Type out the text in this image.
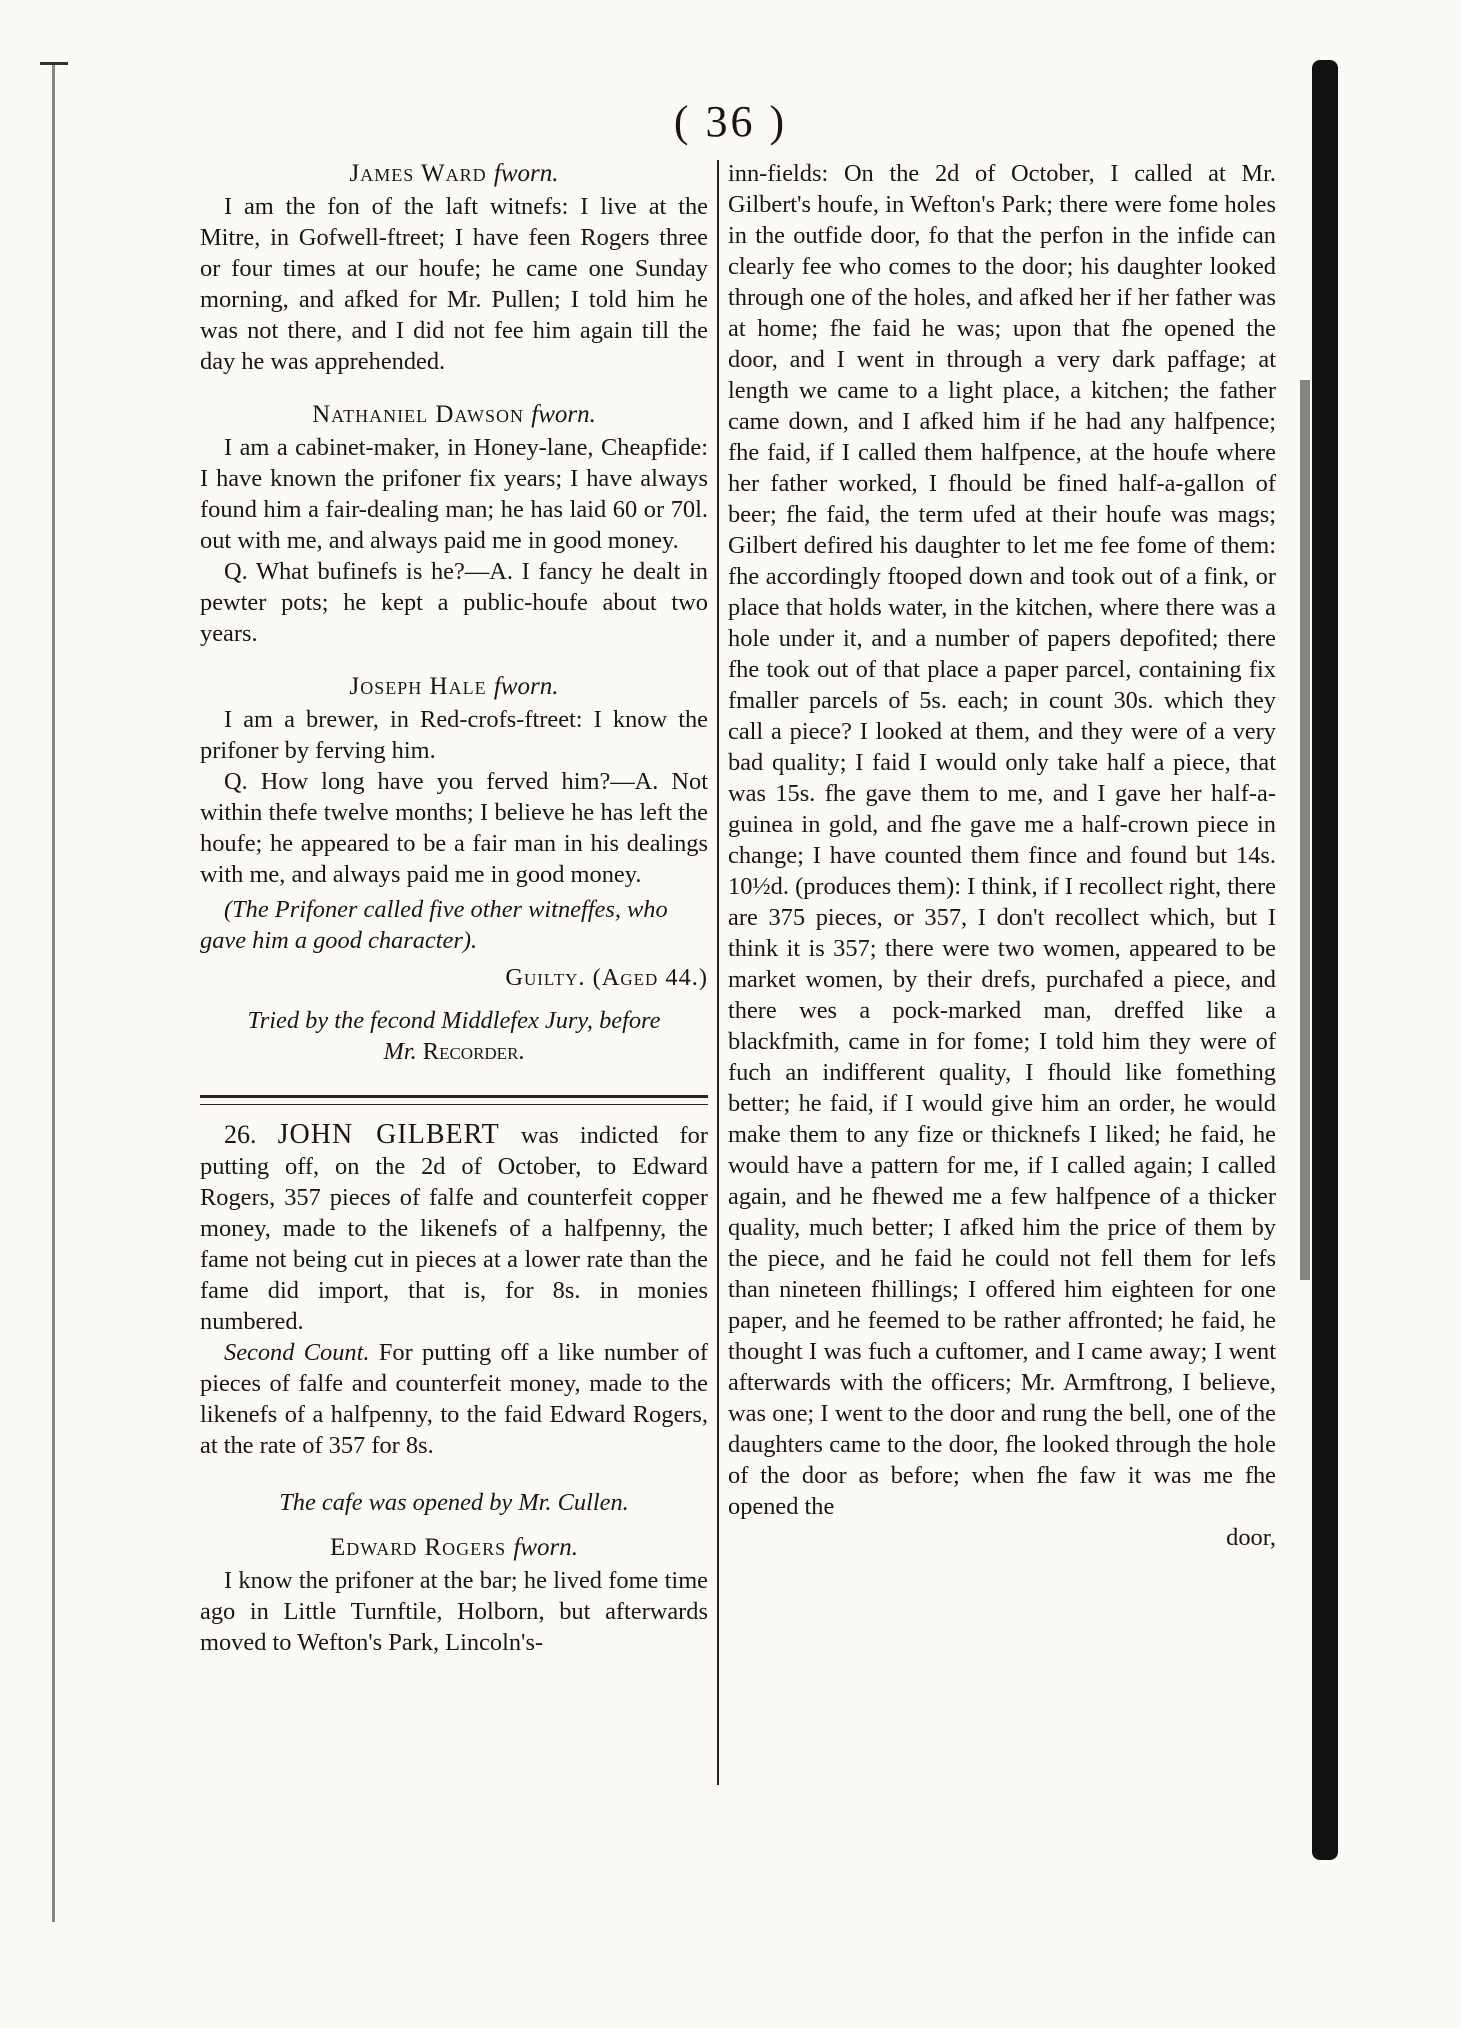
( 36 )

James Ward fworn.

I am the fon of the laft witnefs: I live at the Mitre, in Gofwell-ftreet; I have feen Rogers three or four times at our houfe; he came one Sunday morning, and afked for Mr. Pullen; I told him he was not there, and I did not fee him again till the day he was apprehended.

Nathaniel Dawson fworn.

I am a cabinet-maker, in Honey-lane, Cheapfide: I have known the prifoner fix years; I have always found him a fair-dealing man; he has laid 60 or 70l. out with me, and always paid me in good money.

Q. What bufinefs is he?—A. I fancy he dealt in pewter pots; he kept a public-houfe about two years.

Joseph Hale fworn.

I am a brewer, in Red-crofs-ftreet: I know the prifoner by ferving him.

Q. How long have you ferved him?—A. Not within thefe twelve months; I believe he has left the houfe; he appeared to be a fair man in his dealings with me, and always paid me in good money.

(The Prifoner called five other witneffes, who gave him a good character).

Guilty. (Aged 44.)

Tried by the fecond Middlefex Jury, before
Mr. Recorder.

26. JOHN GILBERT was indicted for putting off, on the 2d of October, to Edward Rogers, 357 pieces of falfe and counterfeit copper money, made to the likenefs of a halfpenny, the fame not being cut in pieces at a lower rate than the fame did import, that is, for 8s. in monies numbered.

Second Count. For putting off a like number of pieces of falfe and counterfeit money, made to the likenefs of a halfpenny, to the faid Edward Rogers, at the rate of 357 for 8s.

The cafe was opened by Mr. Cullen.

Edward Rogers fworn.

I know the prifoner at the bar; he lived fome time ago in Little Turnftile, Holborn, but afterwards moved to Wefton's Park, Lincoln's-

inn-fields: On the 2d of October, I called at Mr. Gilbert's houfe, in Wefton's Park; there were fome holes in the outfide door, fo that the perfon in the infide can clearly fee who comes to the door; his daughter looked through one of the holes, and afked her if her father was at home; fhe faid he was; upon that fhe opened the door, and I went in through a very dark paffage; at length we came to a light place, a kitchen; the father came down, and I afked him if he had any halfpence; fhe faid, if I called them halfpence, at the houfe where her father worked, I fhould be fined half-a-gallon of beer; fhe faid, the term ufed at their houfe was mags; Gilbert defired his daughter to let me fee fome of them: fhe accordingly ftooped down and took out of a fink, or place that holds water, in the kitchen, where there was a hole under it, and a number of papers depofited; there fhe took out of that place a paper parcel, containing fix fmaller parcels of 5s. each; in count 30s. which they call a piece? I looked at them, and they were of a very bad quality; I faid I would only take half a piece, that was 15s. fhe gave them to me, and I gave her half-a-guinea in gold, and fhe gave me a half-crown piece in change; I have counted them fince and found but 14s. 10½d. (produces them): I think, if I recollect right, there are 375 pieces, or 357, I don't recollect which, but I think it is 357; there were two women, appeared to be market women, by their drefs, purchafed a piece, and there wes a pock-marked man, dreffed like a blackfmith, came in for fome; I told him they were of fuch an indifferent quality, I fhould like fomething better; he faid, if I would give him an order, he would make them to any fize or thicknefs I liked; he faid, he would have a pattern for me, if I called again; I called again, and he fhewed me a few halfpence of a thicker quality, much better; I afked him the price of them by the piece, and he faid he could not fell them for lefs than nineteen fhillings; I offered him eighteen for one paper, and he feemed to be rather affronted; he faid, he thought I was fuch a cuftomer, and I came away; I went afterwards with the officers; Mr. Armftrong, I believe, was one; I went to the door and rung the bell, one of the daughters came to the door, fhe looked through the hole of the door as before; when fhe faw it was me fhe opened the

door,
